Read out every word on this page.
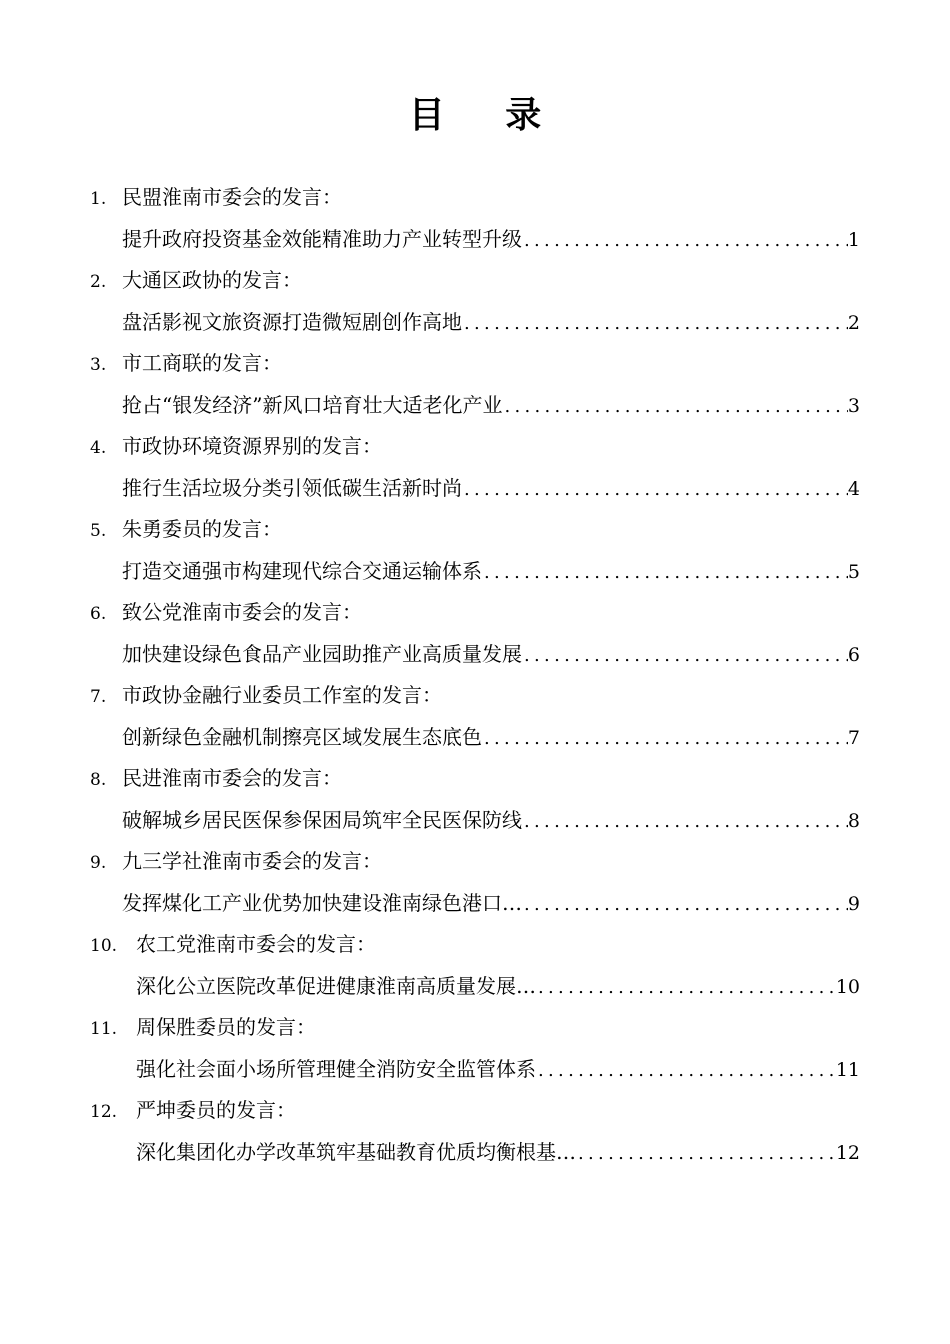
目 录
1. 民盟淮南市委会的发言：
提升政府投资基金效能精准助力产业转型升级 .....	1
2. 大通区政协的发言：
盘活影视文旅资源打造微短剧创作高地 .....	2
3. 市工商联的发言：
抢占“银发经济”新风口培育壮大适老化产业 .....	3
4. 市政协环境资源界别的发言：
推行生活垃圾分类引领低碳生活新时尚 .....	4
5. 朱勇委员的发言：
打造交通强市构建现代综合交通运输体系 .....	5
6. 致公党淮南市委会的发言：
加快建设绿色食品产业园助推产业高质量发展 .....	6
7. 市政协金融行业委员工作室的发言：
创新绿色金融机制擦亮区域发展生态底色 .....	7
8. 民进淮南市委会的发言：
破解城乡居民医保参保困局筑牢全民医保防线 .....	8
9. 九三学社淮南市委会的发言：
发挥煤化工产业优势加快建设淮南绿色港口… .....	9
10. 农工党淮南市委会的发言：
深化公立医院改革促进健康淮南高质量发展… .....	10
11. 周保胜委员的发言：
强化社会面小场所管理健全消防安全监管体系 .....	11
12. 严坤委员的发言：
深化集团化办学改革筑牢基础教育优质均衡根基… .....	12
